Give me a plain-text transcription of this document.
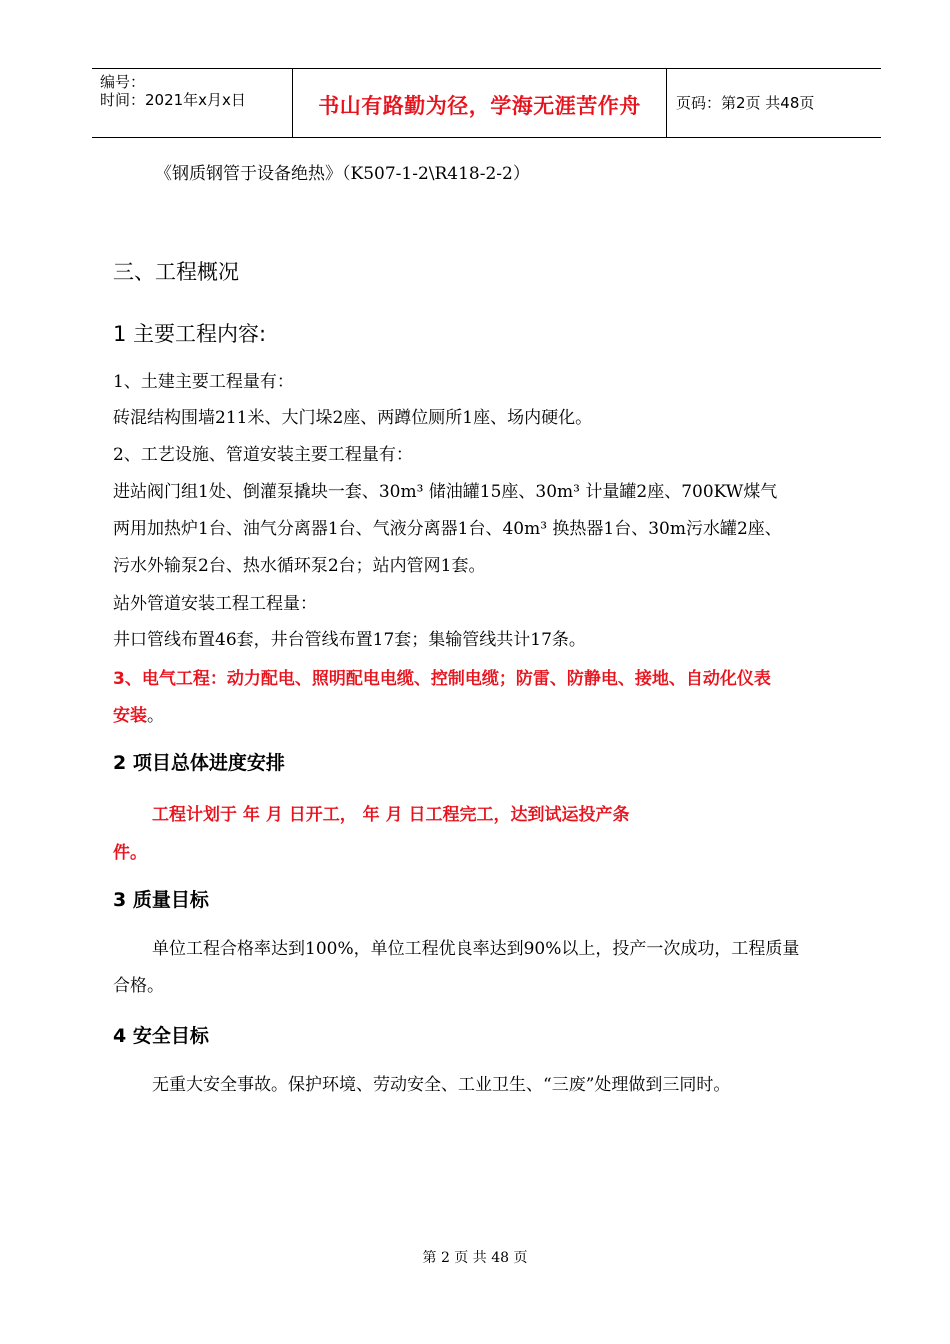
编号：
时间：2021年x月x日	书山有路勤为径，学海无涯苦作舟	页码：第2页 共48页
《钢质钢管于设备绝热》（K507-1-2\R418-2-2）
三、工程概况
1 主要工程内容:
1、土建主要工程量有：
砖混结构围墙211米、大门垛2座、两蹲位厕所1座、场内硬化。
2、工艺设施、管道安装主要工程量有：
进站阀门组1处、倒灌泵撬块一套、30m³ 储油罐15座、30m³ 计量罐2座、700KW煤气
两用加热炉1台、油气分离器1台、气液分离器1台、40m³ 换热器1台、30m污水罐2座、
污水外输泵2台、热水循环泵2台；站内管网1套。
站外管道安装工程工程量：
井口管线布置46套，井台管线布置17套；集输管线共计17条。
3、电气工程：动力配电、照明配电电缆、控制电缆；防雷、防静电、接地、自动化仪表
安装。
2 项目总体进度安排
工程计划于 年 月 日开工， 年 月 日工程完工，达到试运投产条
件。
3 质量目标
单位工程合格率达到100%，单位工程优良率达到90%以上，投产一次成功，工程质量
合格。
4 安全目标
无重大安全事故。保护环境、劳动安全、工业卫生、“三废”处理做到三同时。
第 2 页 共 48 页
